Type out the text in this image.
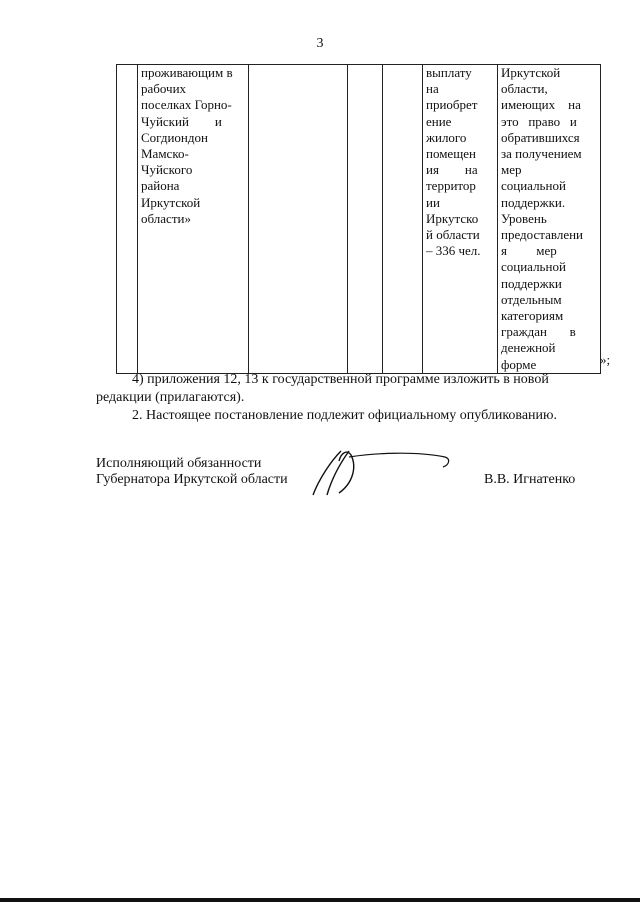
3

проживающим в
рабочих
поселках Горно-
Чуйский        и
Согдиондон
Мамско-
Чуйского
района
Иркутской
области»

выплату
на
приобрет
ение
жилого
помещен
ия        на
территор
ии
Иркутско
й области
– 336 чел.

Иркутской
области,
имеющих    на
это   право   и
обратившихся
за получением
мер
социальной
поддержки.
Уровень
предоставлени
я         мер
социальной
поддержки
отдельным
категориям
граждан       в
денежной
форме	»;
4) приложения 12, 13 к государственной программе изложить в новой
редакции (прилагаются).
2. Настоящее постановление подлежит официальному опубликованию.
Исполняющий обязанности
Губернатора Иркутской области	В.В. Игнатенко
